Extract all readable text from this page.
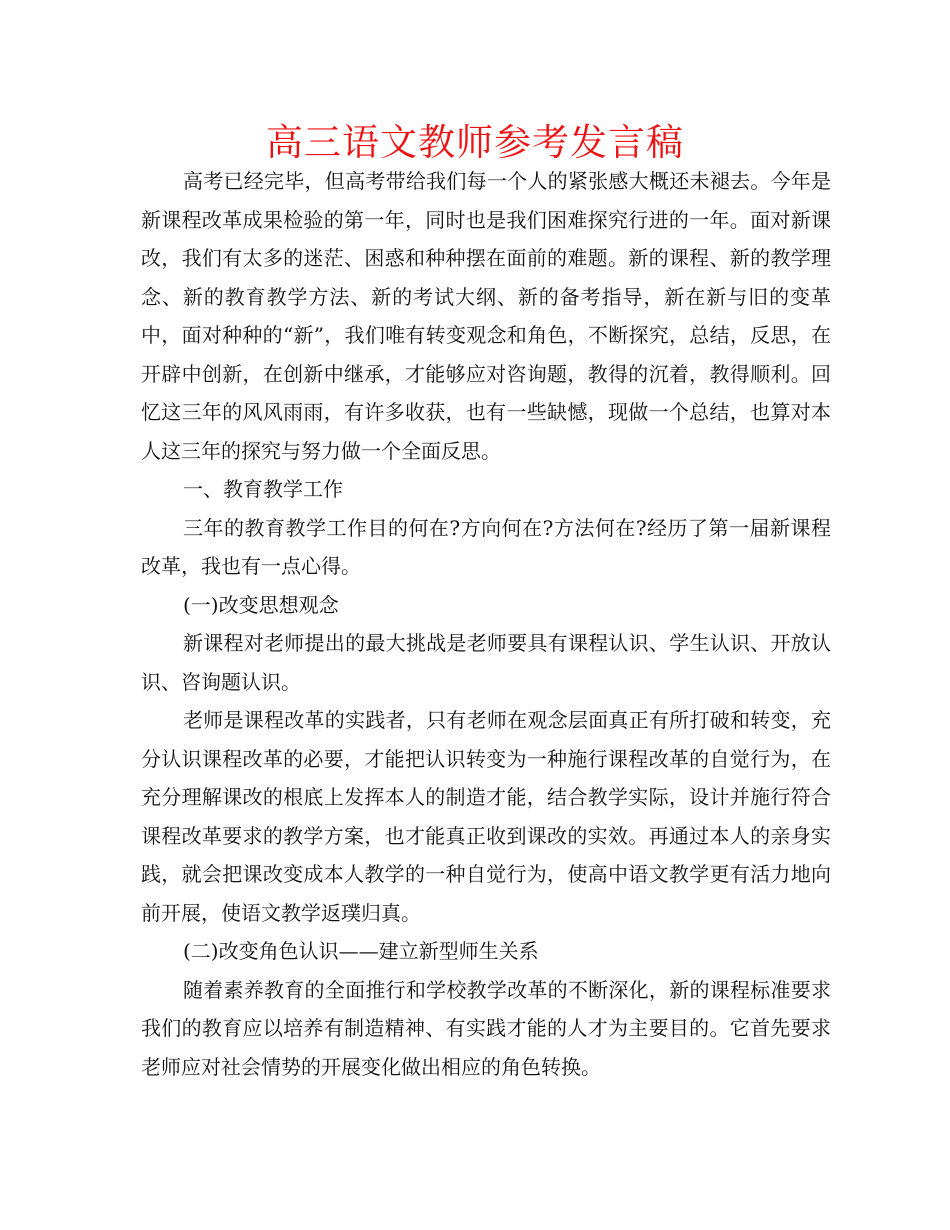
高三语文教师参考发言稿

高考已经完毕，但高考带给我们每一个人的紧张感大概还未褪去。今年是新课程改革成果检验的第一年，同时也是我们困难探究行进的一年。面对新课改，我们有太多的迷茫、困惑和种种摆在面前的难题。新的课程、新的教学理念、新的教育教学方法、新的考试大纲、新的备考指导，新在新与旧的变革中，面对种种的“新”，我们唯有转变观念和角色，不断探究，总结，反思，在开辟中创新，在创新中继承，才能够应对咨询题，教得的沉着，教得顺利。回忆这三年的风风雨雨，有许多收获，也有一些缺憾，现做一个总结，也算对本人这三年的探究与努力做一个全面反思。

一、教育教学工作

三年的教育教学工作目的何在?方向何在?方法何在?经历了第一届新课程改革，我也有一点心得。

(一)改变思想观念

新课程对老师提出的最大挑战是老师要具有课程认识、学生认识、开放认识、咨询题认识。

老师是课程改革的实践者，只有老师在观念层面真正有所打破和转变，充分认识课程改革的必要，才能把认识转变为一种施行课程改革的自觉行为，在充分理解课改的根底上发挥本人的制造才能，结合教学实际，设计并施行符合课程改革要求的教学方案，也才能真正收到课改的实效。再通过本人的亲身实践，就会把课改变成本人教学的一种自觉行为，使高中语文教学更有活力地向前开展，使语文教学返璞归真。

(二)改变角色认识——建立新型师生关系

随着素养教育的全面推行和学校教学改革的不断深化，新的课程标准要求我们的教育应以培养有制造精神、有实践才能的人才为主要目的。它首先要求老师应对社会情势的开展变化做出相应的角色转换。
